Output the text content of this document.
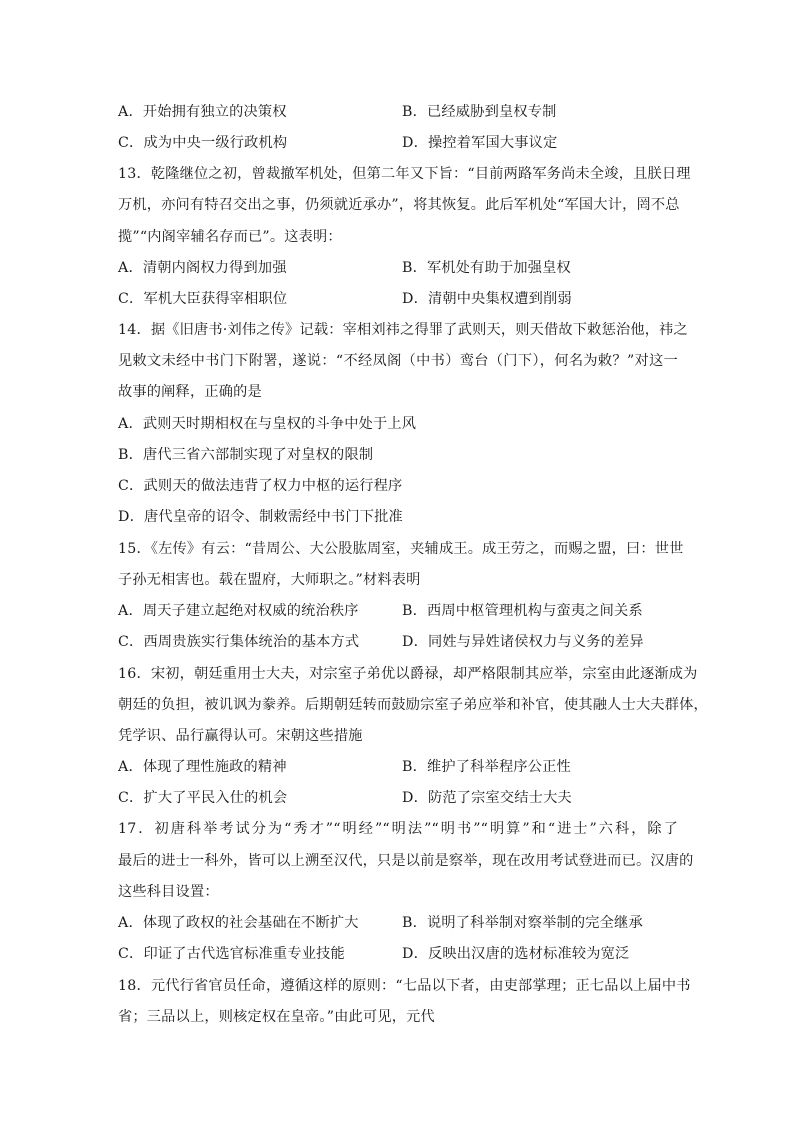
A．开始拥有独立的决策权	B．已经威胁到皇权专制
C．成为中央一级行政机构	D．操控着军国大事议定
13．乾隆继位之初，曾裁撤军机处，但第二年又下旨：“目前两路军务尚未全竣，且朕日理
万机，亦问有特召交出之事，仍须就近承办”，将其恢复。此后军机处“军国大计，罔不总
揽”“内阁宰辅名存而已”。这表明：
A．清朝内阁权力得到加强	B．军机处有助于加强皇权
C．军机大臣获得宰相职位	D．清朝中央集权遭到削弱
14．据《旧唐书·刘伟之传》记载：宰相刘祎之得罪了武则天，则天借故下敕惩治他，祎之
见敕文未经中书门下附署，遂说：“不经凤阁（中书）鸾台（门下），何名为敕？”对这一
故事的阐释，正确的是
A．武则天时期相权在与皇权的斗争中处于上风
B．唐代三省六部制实现了对皇权的限制
C．武则天的做法违背了权力中枢的运行程序
D．唐代皇帝的诏令、制敕需经中书门下批准
15．《左传》有云：“昔周公、大公股肱周室，夹辅成王。成王劳之，而赐之盟，曰：世世
子孙无相害也。载在盟府，大师职之。”材料表明
A．周天子建立起绝对权威的统治秩序	B．西周中枢管理机构与蛮夷之间关系
C．西周贵族实行集体统治的基本方式	D．同姓与异姓诸侯权力与义务的差异
16．宋初，朝廷重用士大夫，对宗室子弟优以爵禄，却严格限制其应举，宗室由此逐渐成为
朝廷的负担，被讥讽为豢养。后期朝廷转而鼓励宗室子弟应举和补官，使其融人士大夫群体，
凭学识、品行赢得认可。宋朝这些措施
A．体现了理性施政的精神	B．维护了科举程序公正性
C．扩大了平民入仕的机会	D．防范了宗室交结士大夫
17．初唐科举考试分为“秀才”“明经”“明法”“明书”“明算”和“进士”六科，除了
最后的进士一科外，皆可以上溯至汉代，只是以前是察举，现在改用考试登进而已。汉唐的
这些科目设置：
A．体现了政权的社会基础在不断扩大	B．说明了科举制对察举制的完全继承
C．印证了古代选官标准重专业技能	D．反映出汉唐的选材标准较为宽泛
18．元代行省官员任命，遵循这样的原则：“七品以下者，由吏部掌理；正七品以上届中书
省；三品以上，则核定权在皇帝。”由此可见，元代
